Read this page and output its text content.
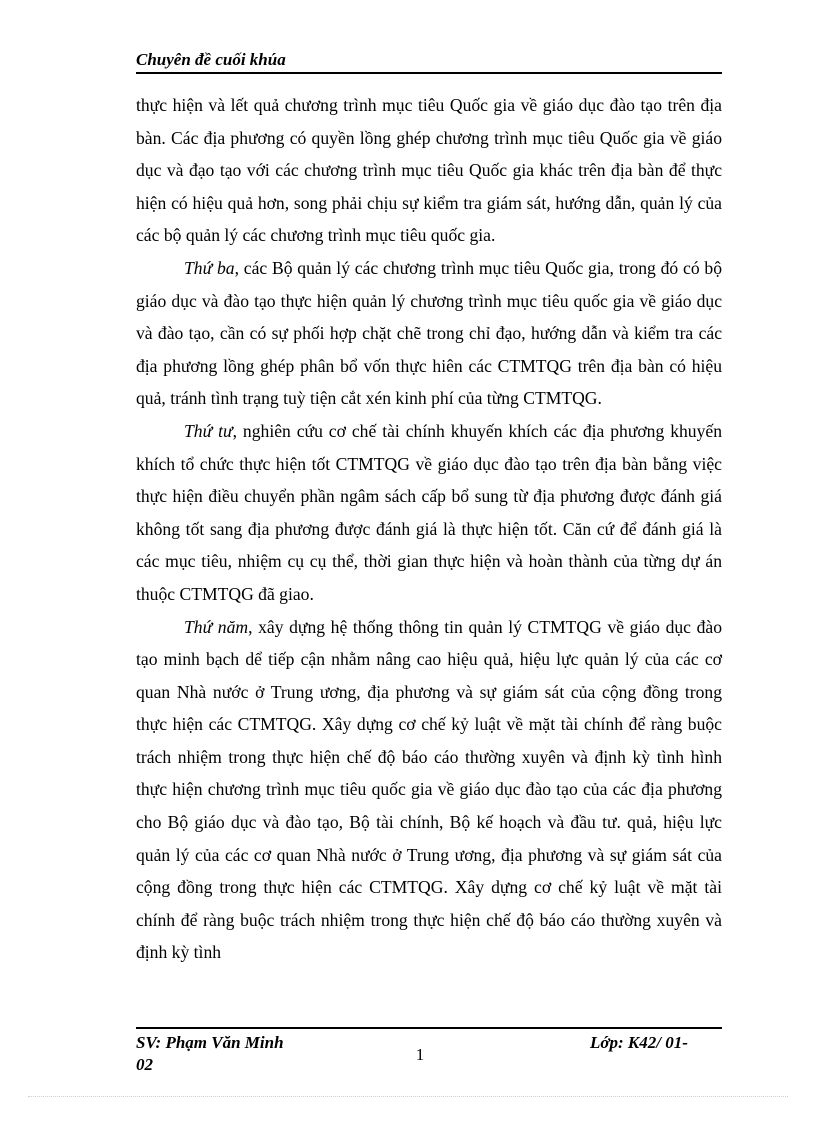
Chuyên đề cuối khúa

thực hiện và lết quả chương trình mục tiêu Quốc gia về giáo dục đào tạo trên địa bàn. Các địa phương có quyền lồng ghép chương trình mục tiêu Quốc gia về giáo dục và đạo tạo với các chương trình mục tiêu Quốc gia khác trên địa bàn để thực hiện có hiệu quả hơn, song phải chịu sự kiểm tra giám sát, hướng dẫn, quản lý của các bộ quản lý các chương trình mục tiêu quốc gia.

Thứ ba, các Bộ quản lý các chương trình mục tiêu Quốc gia, trong đó có bộ giáo dục và đào tạo thực hiện quản lý chương trình mục tiêu quốc gia về giáo dục và đào tạo, cần có sự phối hợp chặt chẽ trong chỉ đạo, hướng dẫn và kiểm tra các địa phương lồng ghép phân bổ vốn thực hiên các CTMTQG trên địa bàn có hiệu quả, tránh tình trạng tuỳ tiện cắt xén kinh phí của từng CTMTQG.

Thứ tư, nghiên cứu cơ chế tài chính khuyến khích các địa phương khuyến khích tổ chức thực hiện tốt CTMTQG về giáo dục đào tạo trên địa bàn bằng việc thực hiện điều chuyển phần ngâm sách cấp bổ sung từ địa phương được đánh giá không tốt sang địa phương được đánh giá là thực hiện tốt. Căn cứ để đánh giá là các mục tiêu, nhiệm cụ cụ thể, thời gian thực hiện và hoàn thành của từng dự án thuộc CTMTQG đã giao.

Thứ năm, xây dựng hệ thống thông tin quản lý CTMTQG về giáo dục đào tạo minh bạch dể tiếp cận nhằm nâng cao hiệu quả, hiệu lực quản lý của các cơ quan Nhà nước ở Trung ương, địa phương và sự giám sát của cộng đồng trong thực hiện các CTMTQG. Xây dựng cơ chế kỷ luật về mặt tài chính để ràng buộc trách nhiệm trong thực hiện chế độ báo cáo thường xuyên và định kỳ tình hình thực hiện chương trình mục tiêu quốc gia về giáo dục đào tạo của các địa phương cho Bộ giáo dục và đào tạo, Bộ tài chính, Bộ kế hoạch và đầu tư. quả, hiệu lực quản lý của các cơ quan Nhà nước ở Trung ương, địa phương và sự giám sát của cộng đồng trong thực hiện các CTMTQG. Xây dựng cơ chế kỷ luật về mặt tài chính để ràng buộc trách nhiệm trong thực hiện chế độ báo cáo thường xuyên và định kỳ tình

SV: Phạm Văn Minh
02
1
Lớp: K42/ 01-
